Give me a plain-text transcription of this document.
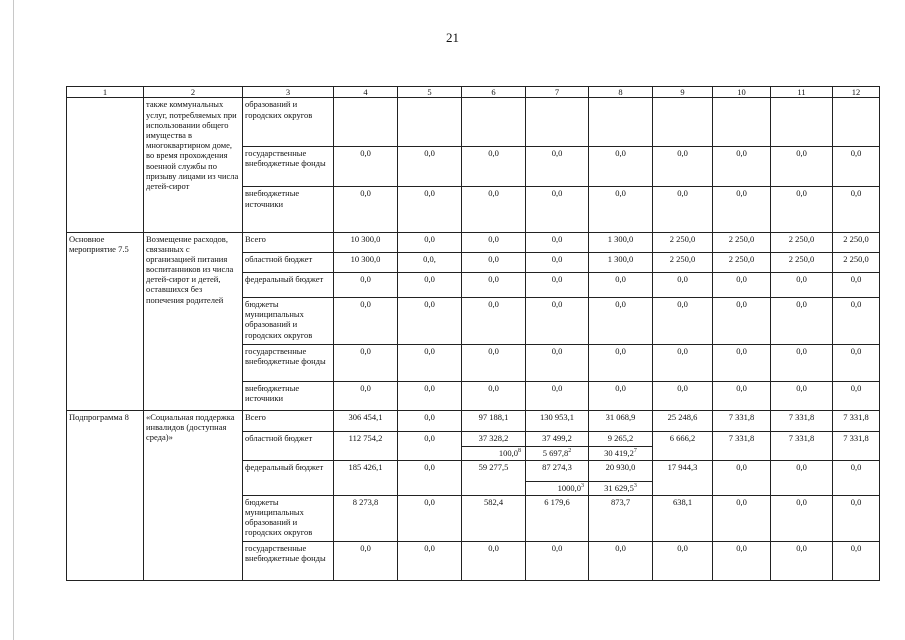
21
1	2	3	4	5	6	7	8	9	10	11	12
	также коммунальных услуг, потребляемых при использовании общего имущества в многоквартирном доме, во время прохождения военной службы по призыву лицами из числа детей-сирот	образований и городских округов									
		государственные внебюджетные фонды	0,0	0,0	0,0	0,0	0,0	0,0	0,0	0,0	0,0
		внебюджетные источники	0,0	0,0	0,0	0,0	0,0	0,0	0,0	0,0	0,0
Основное мероприятие 7.5	Возмещение расходов, связанных с организацией питания воспитанников из числа детей-сирот и детей, оставшихся без попечения родителей	Всего	10 300,0	0,0	0,0	0,0	1 300,0	2 250,0	2 250,0	2 250,0	2 250,0
		областной бюджет	10 300,0	0,0,	0,0	0,0	1 300,0	2 250,0	2 250,0	2 250,0	2 250,0
		федеральный бюджет	0,0	0,0	0,0	0,0	0,0	0,0	0,0	0,0	0,0
		бюджеты муниципальных образований и городских округов	0,0	0,0	0,0	0,0	0,0	0,0	0,0	0,0	0,0
		государственные внебюджетные фонды	0,0	0,0	0,0	0,0	0,0	0,0	0,0	0,0	0,0
		внебюджетные источники	0,0	0,0	0,0	0,0	0,0	0,0	0,0	0,0	0,0
Подпрограмма 8	«Социальная поддержка инвалидов (доступная среда)»	Всего	306 454,1	0,0	97 188,1	130 953,1	31 068,9	25 248,6	7 331,8	7 331,8	7 331,8
		областной бюджет	112 754,2	0,0	37 328,2	37 499,2	9 265,2	6 666,2	7 331,8	7 331,8	7 331,8
					100,0$^8$	5 697,8$^2$	30 419,2$^7$
		федеральный бюджет	185 426,1	0,0	59 277,5	87 274,3	20 930,0	17 944,3	0,0	0,0	0,0
						1000,0$^3$	31 629,5$^3$
		бюджеты муниципальных образований и городских округов	8 273,8	0,0	582,4	6 179,6	873,7	638,1	0,0	0,0	0,0
		государственные внебюджетные фонды	0,0	0,0	0,0	0,0	0,0	0,0	0,0	0,0	0,0
